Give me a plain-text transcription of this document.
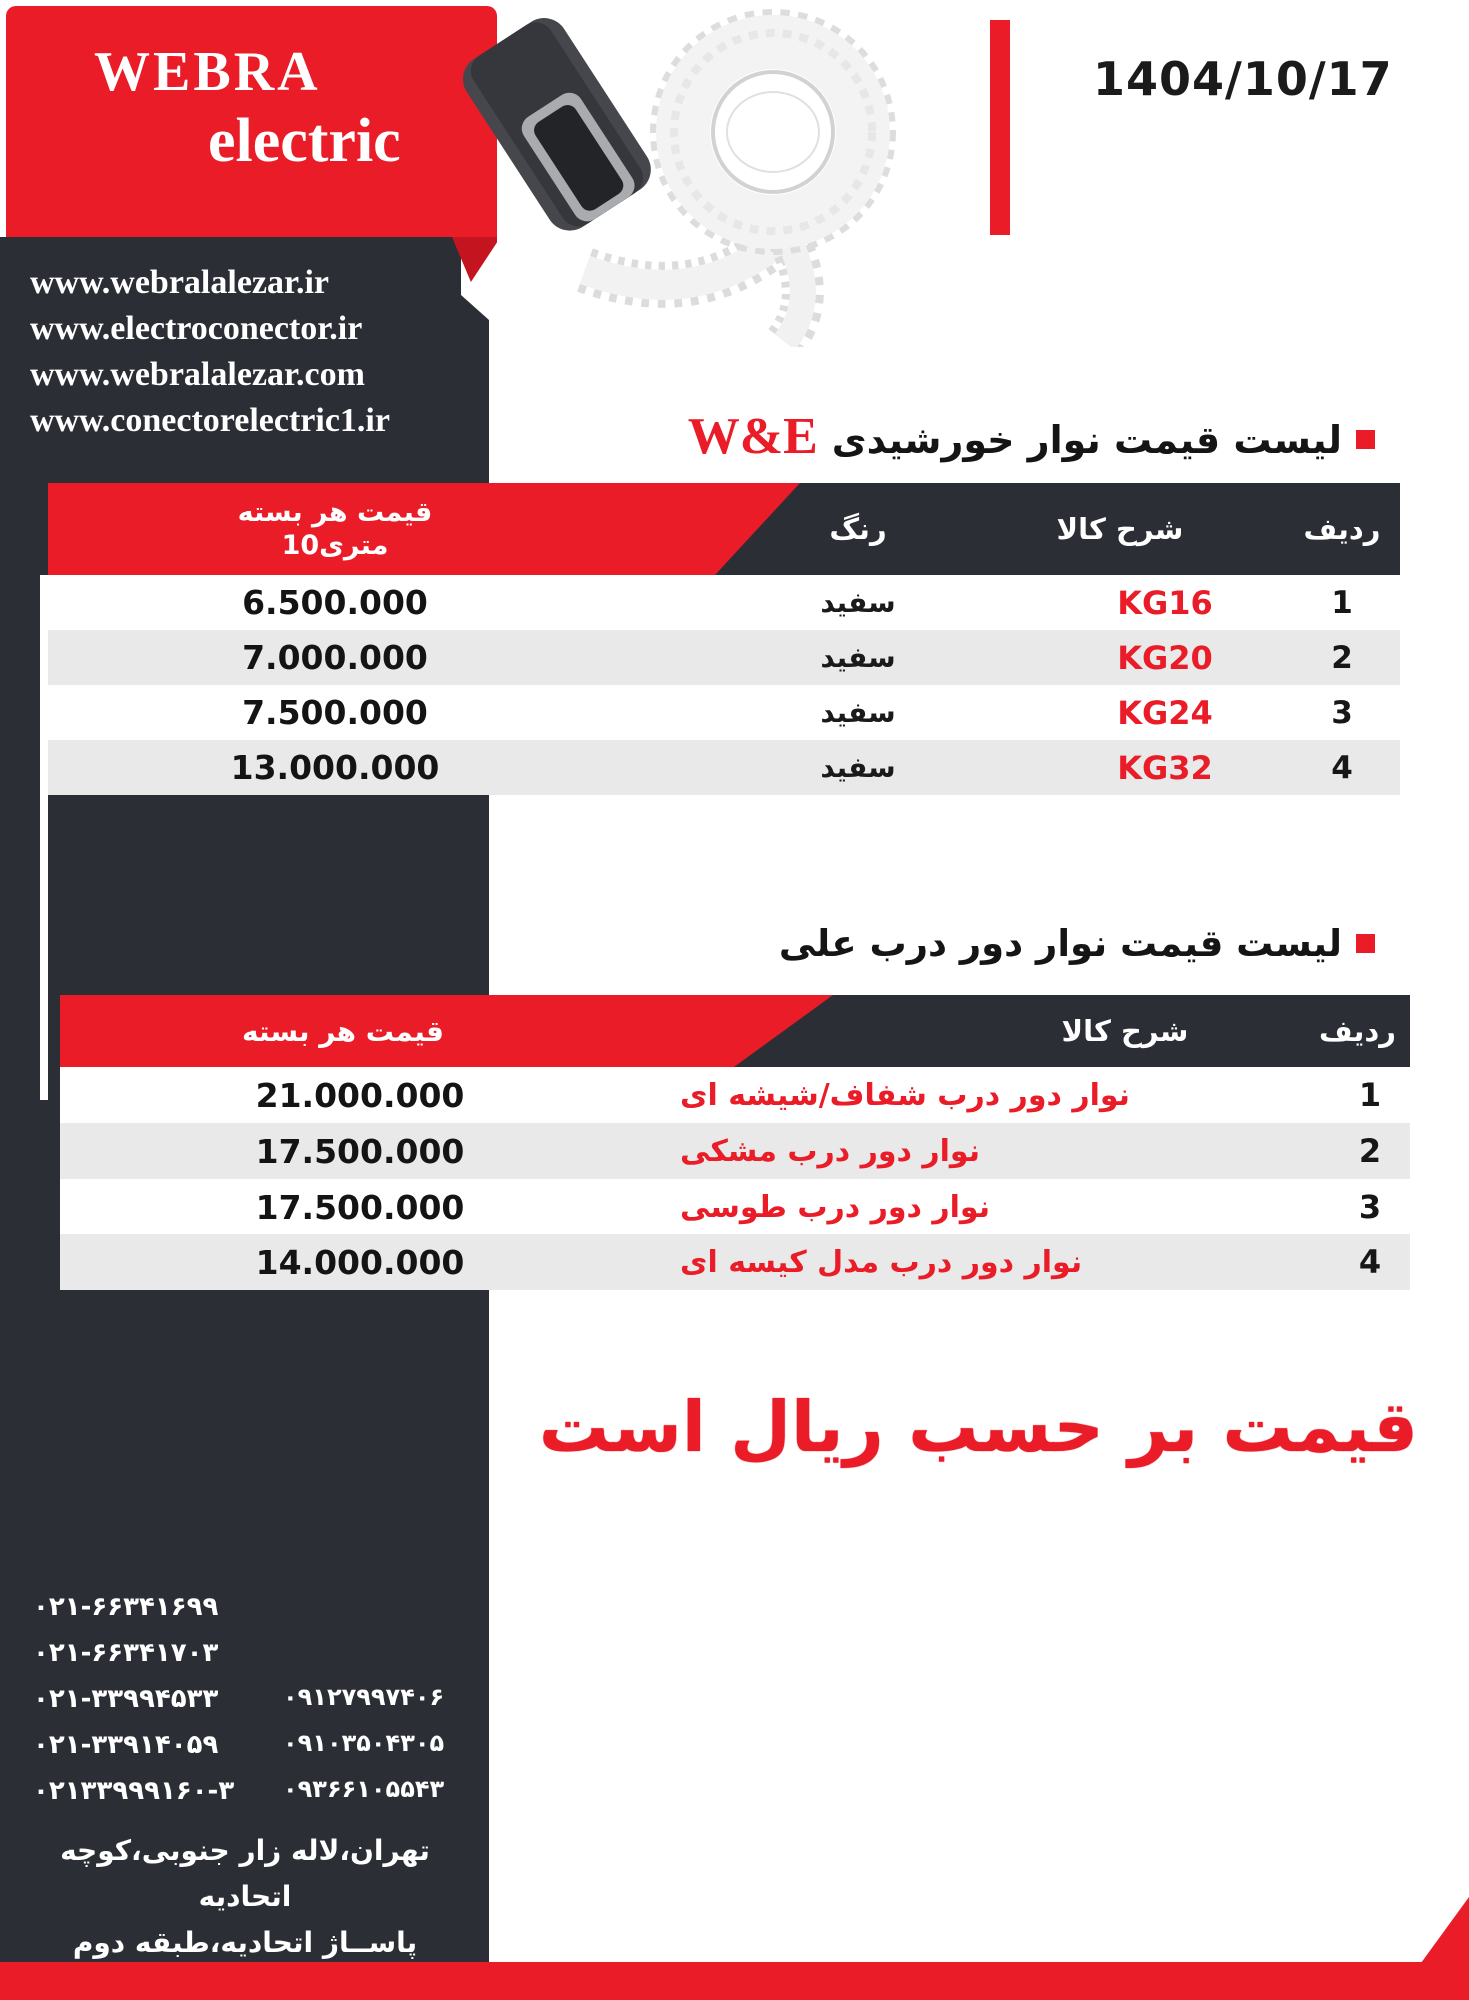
WEBRA
electric
www.webralalezar.ir
www.electroconector.ir
www.webralalezar.com
www.conectorelectric1.ir
1404/10/17
لیست قیمت نوار خورشیدی
W&E
ردیف
شرح کالا
رنگ
قیمت هر بسته
10متری
1
KG16
سفید
6.500.000
2
KG20
سفید
7.000.000
3
KG24
سفید
7.500.000
4
KG32
سفید
13.000.000
لیست قیمت نوار دور درب علی
ردیف
شرح کالا
قیمت هر بسته
1
نوار دور درب شفاف/شیشه ای
21.000.000
2
نوار دور درب مشکی
17.500.000
3
نوار دور درب طوسی
17.500.000
4
نوار دور درب مدل کیسه ای
14.000.000
قیمت بر حسب ریال است
۰۲۱-۶۶۳۴۱۶۹۹
۰۲۱-۶۶۳۴۱۷۰۳
۰۲۱-۳۳۹۹۴۵۳۳
۰۲۱-۳۳۹۱۴۰۵۹
۰۲۱۳۳۹۹۹۱۶۰-۳
۰۹۱۲۷۹۹۷۴۰۶
۰۹۱۰۳۵۰۴۳۰۵
۰۹۳۶۶۱۰۵۵۴۳
تهران،لاله زار جنوبی،کوچه اتحادیه
پاســاژ اتحادیه،طبقه دوم
